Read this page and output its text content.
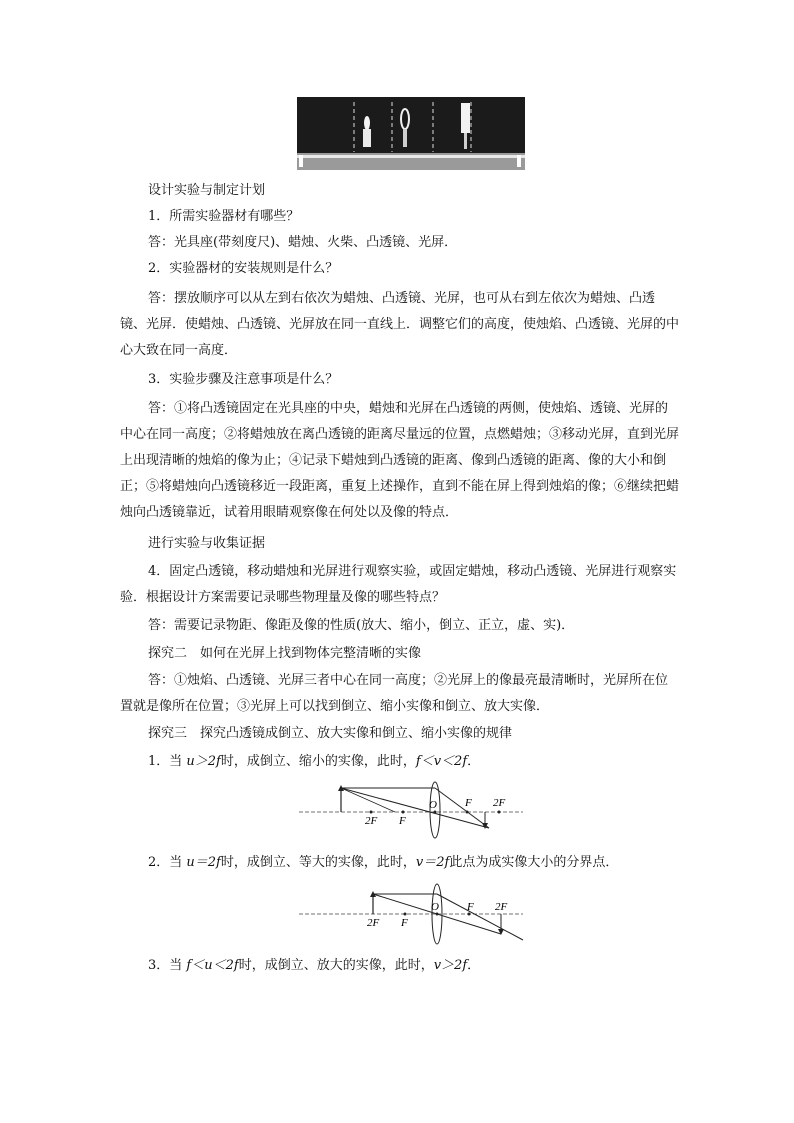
设计实验与制定计划

1．所需实验器材有哪些？

答：光具座(带刻度尺)、蜡烛、火柴、凸透镜、光屏．

2．实验器材的安装规则是什么？

答：摆放顺序可以从左到右依次为蜡烛、凸透镜、光屏，也可从右到左依次为蜡烛、凸透镜、光屏．使蜡烛、凸透镜、光屏放在同一直线上．调整它们的高度，使烛焰、凸透镜、光屏的中心大致在同一高度．

3．实验步骤及注意事项是什么？

答：①将凸透镜固定在光具座的中央，蜡烛和光屏在凸透镜的两侧，使烛焰、透镜、光屏的中心在同一高度；②将蜡烛放在离凸透镜的距离尽量远的位置，点燃蜡烛；③移动光屏，直到光屏上出现清晰的烛焰的像为止；④记录下蜡烛到凸透镜的距离、像到凸透镜的距离、像的大小和倒正；⑤将蜡烛向凸透镜移近一段距离，重复上述操作，直到不能在屏上得到烛焰的像；⑥继续把蜡烛向凸透镜靠近，试着用眼睛观察像在何处以及像的特点．

进行实验与收集证据

4．固定凸透镜，移动蜡烛和光屏进行观察实验，或固定蜡烛，移动凸透镜、光屏进行观察实验．根据设计方案需要记录哪些物理量及像的哪些特点？

答：需要记录物距、像距及像的性质(放大、缩小，倒立、正立，虚、实)．

探究二　如何在光屏上找到物体完整清晰的实像

答：①烛焰、凸透镜、光屏三者中心在同一高度；②光屏上的像最亮最清晰时，光屏所在位置就是像所在位置；③光屏上可以找到倒立、缩小实像和倒立、放大实像．

探究三　探究凸透镜成倒立、放大实像和倒立、缩小实像的规律

1．当 u＞2f时，成倒立、缩小的实像，此时，f＜v＜2f．

O	F 2F
2F F

2．当 u＝2f时，成倒立、等大的实像，此时，v＝2f此点为成实像大小的分界点．

O	F 2F
2F F

3．当 f＜u＜2f时，成倒立、放大的实像，此时，v＞2f．
